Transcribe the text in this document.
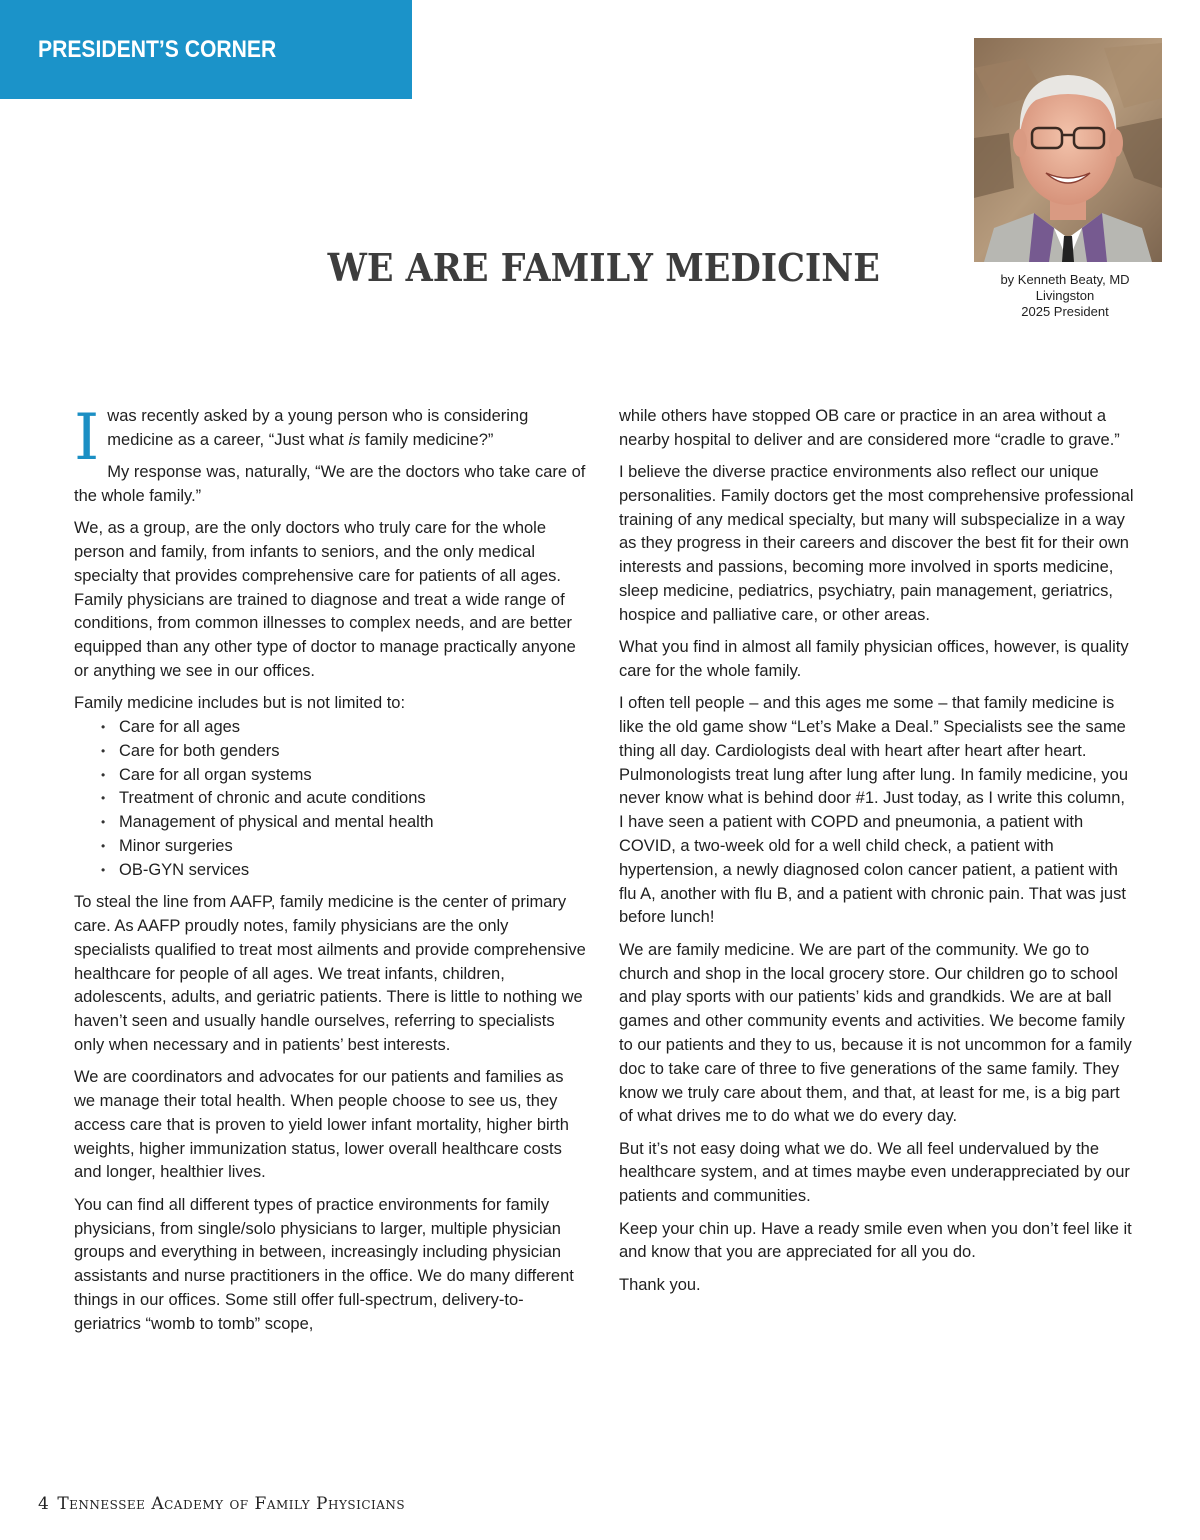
PRESIDENT’S CORNER
by Kenneth Beaty, MD
Livingston
2025 President
WE ARE FAMILY MEDICINE

Iwas recently asked by a young person who is considering medicine as a career, “Just what is family medicine?”

My response was, naturally, “We are the doctors who take care of the whole family.”

We, as a group, are the only doctors who truly care for the whole person and family, from infants to seniors, and the only medical specialty that provides comprehensive care for patients of all ages. Family physicians are trained to diagnose and treat a wide range of conditions, from common illnesses to complex needs, and are better equipped than any other type of doctor to manage practically anyone or anything we see in our offices.

Family medicine includes but is not limited to:

• Care for all ages
• Care for both genders
• Care for all organ systems
• Treatment of chronic and acute conditions
• Management of physical and mental health
• Minor surgeries
• OB-GYN services

To steal the line from AAFP, family medicine is the center of primary care. As AAFP proudly notes, family physicians are the only specialists qualified to treat most ailments and provide comprehensive healthcare for people of all ages. We treat infants, children, adolescents, adults, and geriatric patients. There is little to nothing we haven’t seen and usually handle ourselves, referring to specialists only when necessary and in patients’ best interests.

We are coordinators and advocates for our patients and families as we manage their total health. When people choose to see us, they access care that is proven to yield lower infant mortality, higher birth weights, higher immunization status, lower overall healthcare costs and longer, healthier lives.

You can find all different types of practice environments for family physicians, from single/solo physicians to larger, multiple physician groups and everything in between, increasingly including physician assistants and nurse practitioners in the office. We do many different things in our offices. Some still offer full-spectrum, delivery-to-geriatrics “womb to tomb” scope,

while others have stopped OB care or practice in an area without a nearby hospital to deliver and are considered more “cradle to grave.”

I believe the diverse practice environments also reflect our unique personalities. Family doctors get the most comprehensive professional training of any medical specialty, but many will subspecialize in a way as they progress in their careers and discover the best fit for their own interests and passions, becoming more involved in sports medicine, sleep medicine, pediatrics, psychiatry, pain management, geriatrics, hospice and palliative care, or other areas.

What you find in almost all family physician offices, however, is quality care for the whole family.

I often tell people – and this ages me some – that family medicine is like the old game show “Let’s Make a Deal.” Specialists see the same thing all day. Cardiologists deal with heart after heart after heart. Pulmonologists treat lung after lung after lung. In family medicine, you never know what is behind door #1. Just today, as I write this column, I have seen a patient with COPD and pneumonia, a patient with COVID, a two-week old for a well child check, a patient with hypertension, a newly diagnosed colon cancer patient, a patient with flu A, another with flu B, and a patient with chronic pain. That was just before lunch!

We are family medicine. We are part of the community. We go to church and shop in the local grocery store. Our children go to school and play sports with our patients’ kids and grandkids. We are at ball games and other community events and activities. We become family to our patients and they to us, because it is not uncommon for a family doc to take care of three to five generations of the same family. They know we truly care about them, and that, at least for me, is a big part of what drives me to do what we do every day.

But it’s not easy doing what we do. We all feel undervalued by the healthcare system, and at times maybe even underappreciated by our patients and communities.

Keep your chin up. Have a ready smile even when you don’t feel like it and know that you are appreciated for all you do.

Thank you.

4 Tennessee Academy of Family Physicians
